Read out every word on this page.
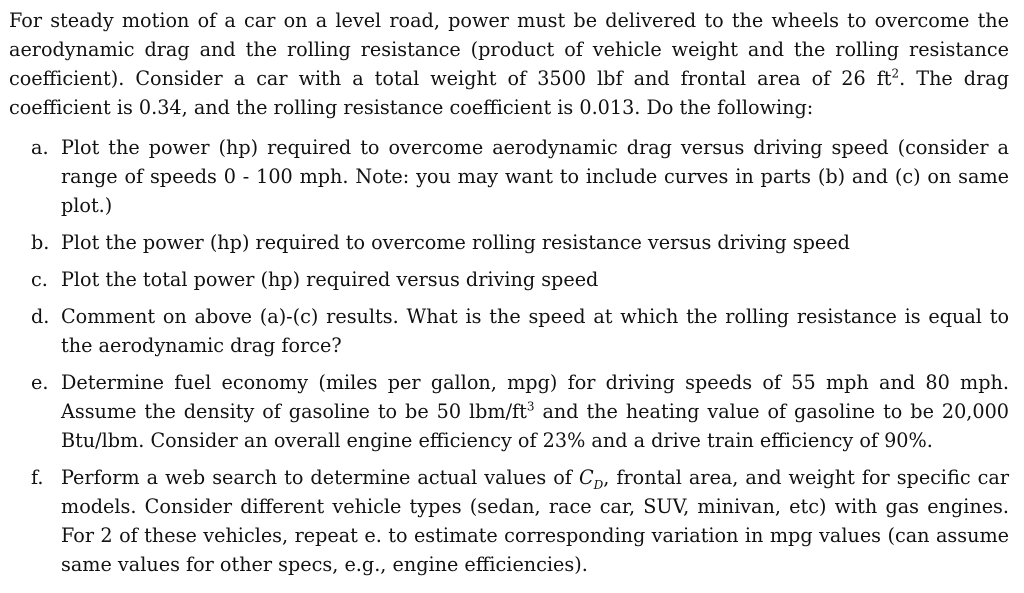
For steady motion of a car on a level road, power must be delivered to the wheels to overcome the aerodynamic drag and the rolling resistance (product of vehicle weight and the rolling resistance coefficient). Consider a car with a total weight of 3500 lbf and frontal area of 26 $ft^2$. The drag coefficient is 0.34, and the rolling resistance coefficient is 0.013. Do the following:

a. Plot the power (hp) required to overcome aerodynamic drag versus driving speed (consider a range of speeds 0 - 100 mph. Note: you may want to include curves in parts (b) and (c) on same plot.)
b. Plot the power (hp) required to overcome rolling resistance versus driving speed
c. Plot the total power (hp) required versus driving speed
d. Comment on above (a)-(c) results. What is the speed at which the rolling resistance is equal to the aerodynamic drag force?
e. Determine fuel economy (miles per gallon, mpg) for driving speeds of 55 mph and 80 mph. Assume the density of gasoline to be 50 lbm/$ft^3$ and the heating value of gasoline to be 20,000 Btu/lbm. Consider an overall engine efficiency of 23% and a drive train efficiency of 90%.
f. Perform a web search to determine actual values of $C_D$, frontal area, and weight for specific car models. Consider different vehicle types (sedan, race car, SUV, minivan, etc) with gas engines. For 2 of these vehicles, repeat e. to estimate corresponding variation in mpg values (can assume same values for other specs, e.g., engine efficiencies).
